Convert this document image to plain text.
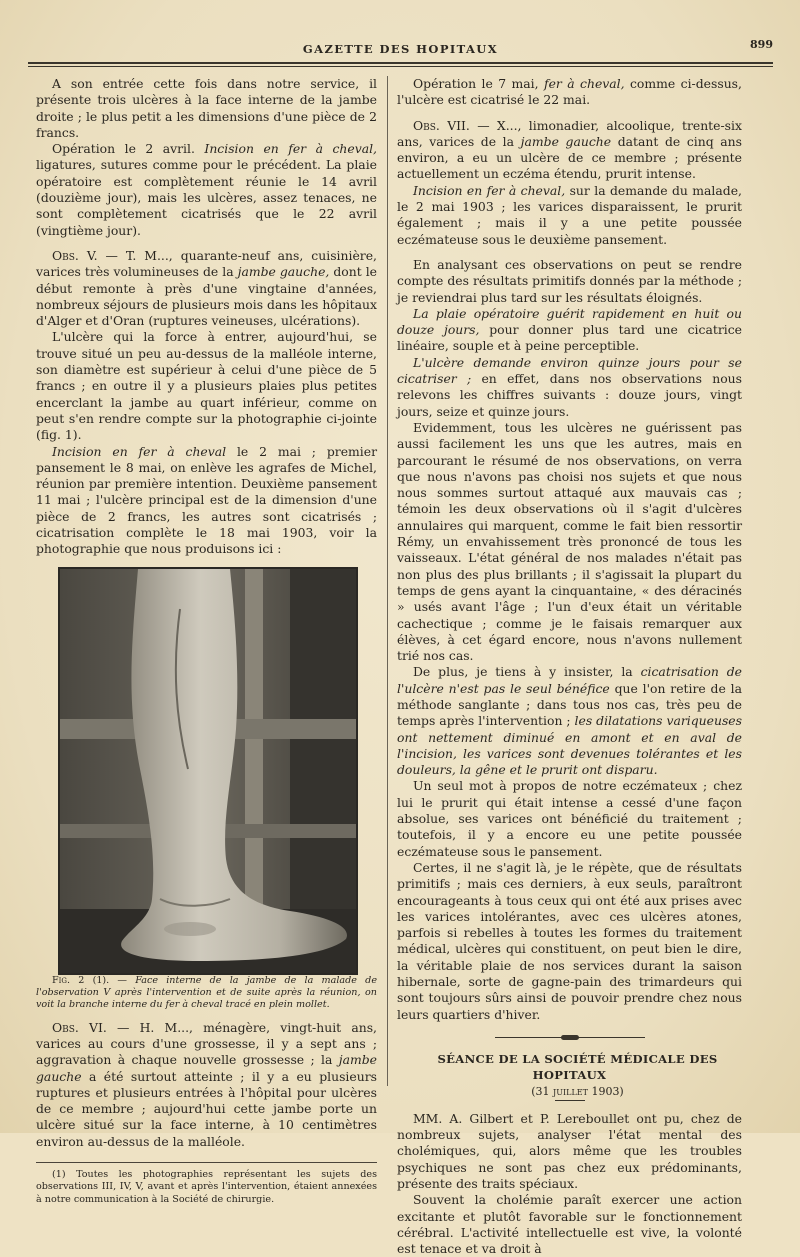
GAZETTE DES HOPITAUX	899

A son entrée cette fois dans notre service, il présente trois ulcères à la face interne de la jambe droite ; le plus petit a les dimensions d'une pièce de 2 francs.

Opération le 2 avril. Incision en fer à cheval, ligatures, sutures comme pour le précédent. La plaie opératoire est complètement réunie le 14 avril (douzième jour), mais les ulcères, assez tenaces, ne sont complètement cicatrisés que le 22 avril (vingtième jour).

Obs. V. — T. M..., quarante-neuf ans, cuisinière, varices très volumineuses de la jambe gauche, dont le début remonte à près d'une vingtaine d'années, nombreux séjours de plusieurs mois dans les hôpitaux d'Alger et d'Oran (ruptures veineuses, ulcérations).

L'ulcère qui la force à entrer, aujourd'hui, se trouve situé un peu au-dessus de la malléole interne, son diamètre est supérieur à celui d'une pièce de 5 francs ; en outre il y a plusieurs plaies plus petites encerclant la jambe au quart inférieur, comme on peut s'en rendre compte sur la photographie ci-jointe (fig. 1).

Incision en fer à cheval le 2 mai ; premier pansement le 8 mai, on enlève les agrafes de Michel, réunion par première intention. Deuxième pansement 11 mai ; l'ulcère principal est de la dimension d'une pièce de 2 francs, les autres sont cicatrisés ; cicatrisation complète le 18 mai 1903, voir la photographie que nous produisons ici :

Fig. 2 (1). — Face interne de la jambe de la malade de l'observation V après l'intervention et de suite après la réunion, on voit la branche interne du fer à cheval tracé en plein mollet.

Obs. VI. — H. M..., ménagère, vingt-huit ans, varices au cours d'une grossesse, il y a sept ans ; aggravation à chaque nouvelle grossesse ; la jambe gauche a été surtout atteinte ; il y a eu plusieurs ruptures et plusieurs entrées à l'hôpital pour ulcères de ce membre ; aujourd'hui cette jambe porte un ulcère situé sur la face interne, à 10 centimètres environ au-dessus de la malléole.

(1) Toutes les photographies représentant les sujets des observations III, IV, V, avant et après l'intervention, étaient annexées à notre communication à la Société de chirurgie.

Opération le 7 mai, fer à cheval, comme ci-dessus, l'ulcère est cicatrisé le 22 mai.

Obs. VII. — X..., limonadier, alcoolique, trente-six ans, varices de la jambe gauche datant de cinq ans environ, a eu un ulcère de ce membre ; présente actuellement un eczéma étendu, prurit intense.

Incision en fer à cheval, sur la demande du malade, le 2 mai 1903 ; les varices disparaissent, le prurit également ; mais il y a une petite poussée eczémateuse sous le deuxième pansement.

En analysant ces observations on peut se rendre compte des résultats primitifs donnés par la méthode ; je reviendrai plus tard sur les résultats éloignés.

La plaie opératoire guérit rapidement en huit ou douze jours, pour donner plus tard une cicatrice linéaire, souple et à peine perceptible.

L'ulcère demande environ quinze jours pour se cicatriser ; en effet, dans nos observations nous relevons les chiffres suivants : douze jours, vingt jours, seize et quinze jours.

Evidemment, tous les ulcères ne guérissent pas aussi facilement les uns que les autres, mais en parcourant le résumé de nos observations, on verra que nous n'avons pas choisi nos sujets et que nous nous sommes surtout attaqué aux mauvais cas ; témoin les deux observations où il s'agit d'ulcères annulaires qui marquent, comme le fait bien ressortir Rémy, un envahissement très prononcé de tous les vaisseaux. L'état général de nos malades n'était pas non plus des plus brillants ; il s'agissait la plupart du temps de gens ayant la cinquantaine, « des déracinés » usés avant l'âge ; l'un d'eux était un véritable cachectique ; comme je le faisais remarquer aux élèves, à cet égard encore, nous n'avons nullement trié nos cas.

De plus, je tiens à y insister, la cicatrisation de l'ulcère n'est pas le seul bénéfice que l'on retire de la méthode sanglante ; dans tous nos cas, très peu de temps après l'intervention ; les dilatations variqueuses ont nettement diminué en amont et en aval de l'incision, les varices sont devenues tolérantes et les douleurs, la gêne et le prurit ont disparu.

Un seul mot à propos de notre eczémateux ; chez lui le prurit qui était intense a cessé d'une façon absolue, ses varices ont bénéficié du traitement ; toutefois, il y a encore eu une petite poussée eczémateuse sous le pansement.

Certes, il ne s'agit là, je le répète, que de résultats primitifs ; mais ces derniers, à eux seuls, paraîtront encourageants à tous ceux qui ont été aux prises avec les varices intolérantes, avec ces ulcères atones, parfois si rebelles à toutes les formes du traitement médical, ulcères qui constituent, on peut bien le dire, la véritable plaie de nos services durant la saison hibernale, sorte de gagne-pain des trimardeurs qui sont toujours sûrs ainsi de pouvoir prendre chez nous leurs quartiers d'hiver.

SÉANCE DE LA SOCIÉTÉ MÉDICALE DES HOPITAUX

(31 juillet 1903)

MM. A. Gilbert et P. Lereboullet ont pu, chez de nombreux sujets, analyser l'état mental des cholémiques, qui, alors même que les troubles psychiques ne sont pas chez eux prédominants, présente des traits spéciaux.

Souvent la cholémie paraît exercer une action excitante et plutôt favorable sur le fonctionnement cérébral. L'activité intellectuelle est vive, la volonté est tenace et va droit à
